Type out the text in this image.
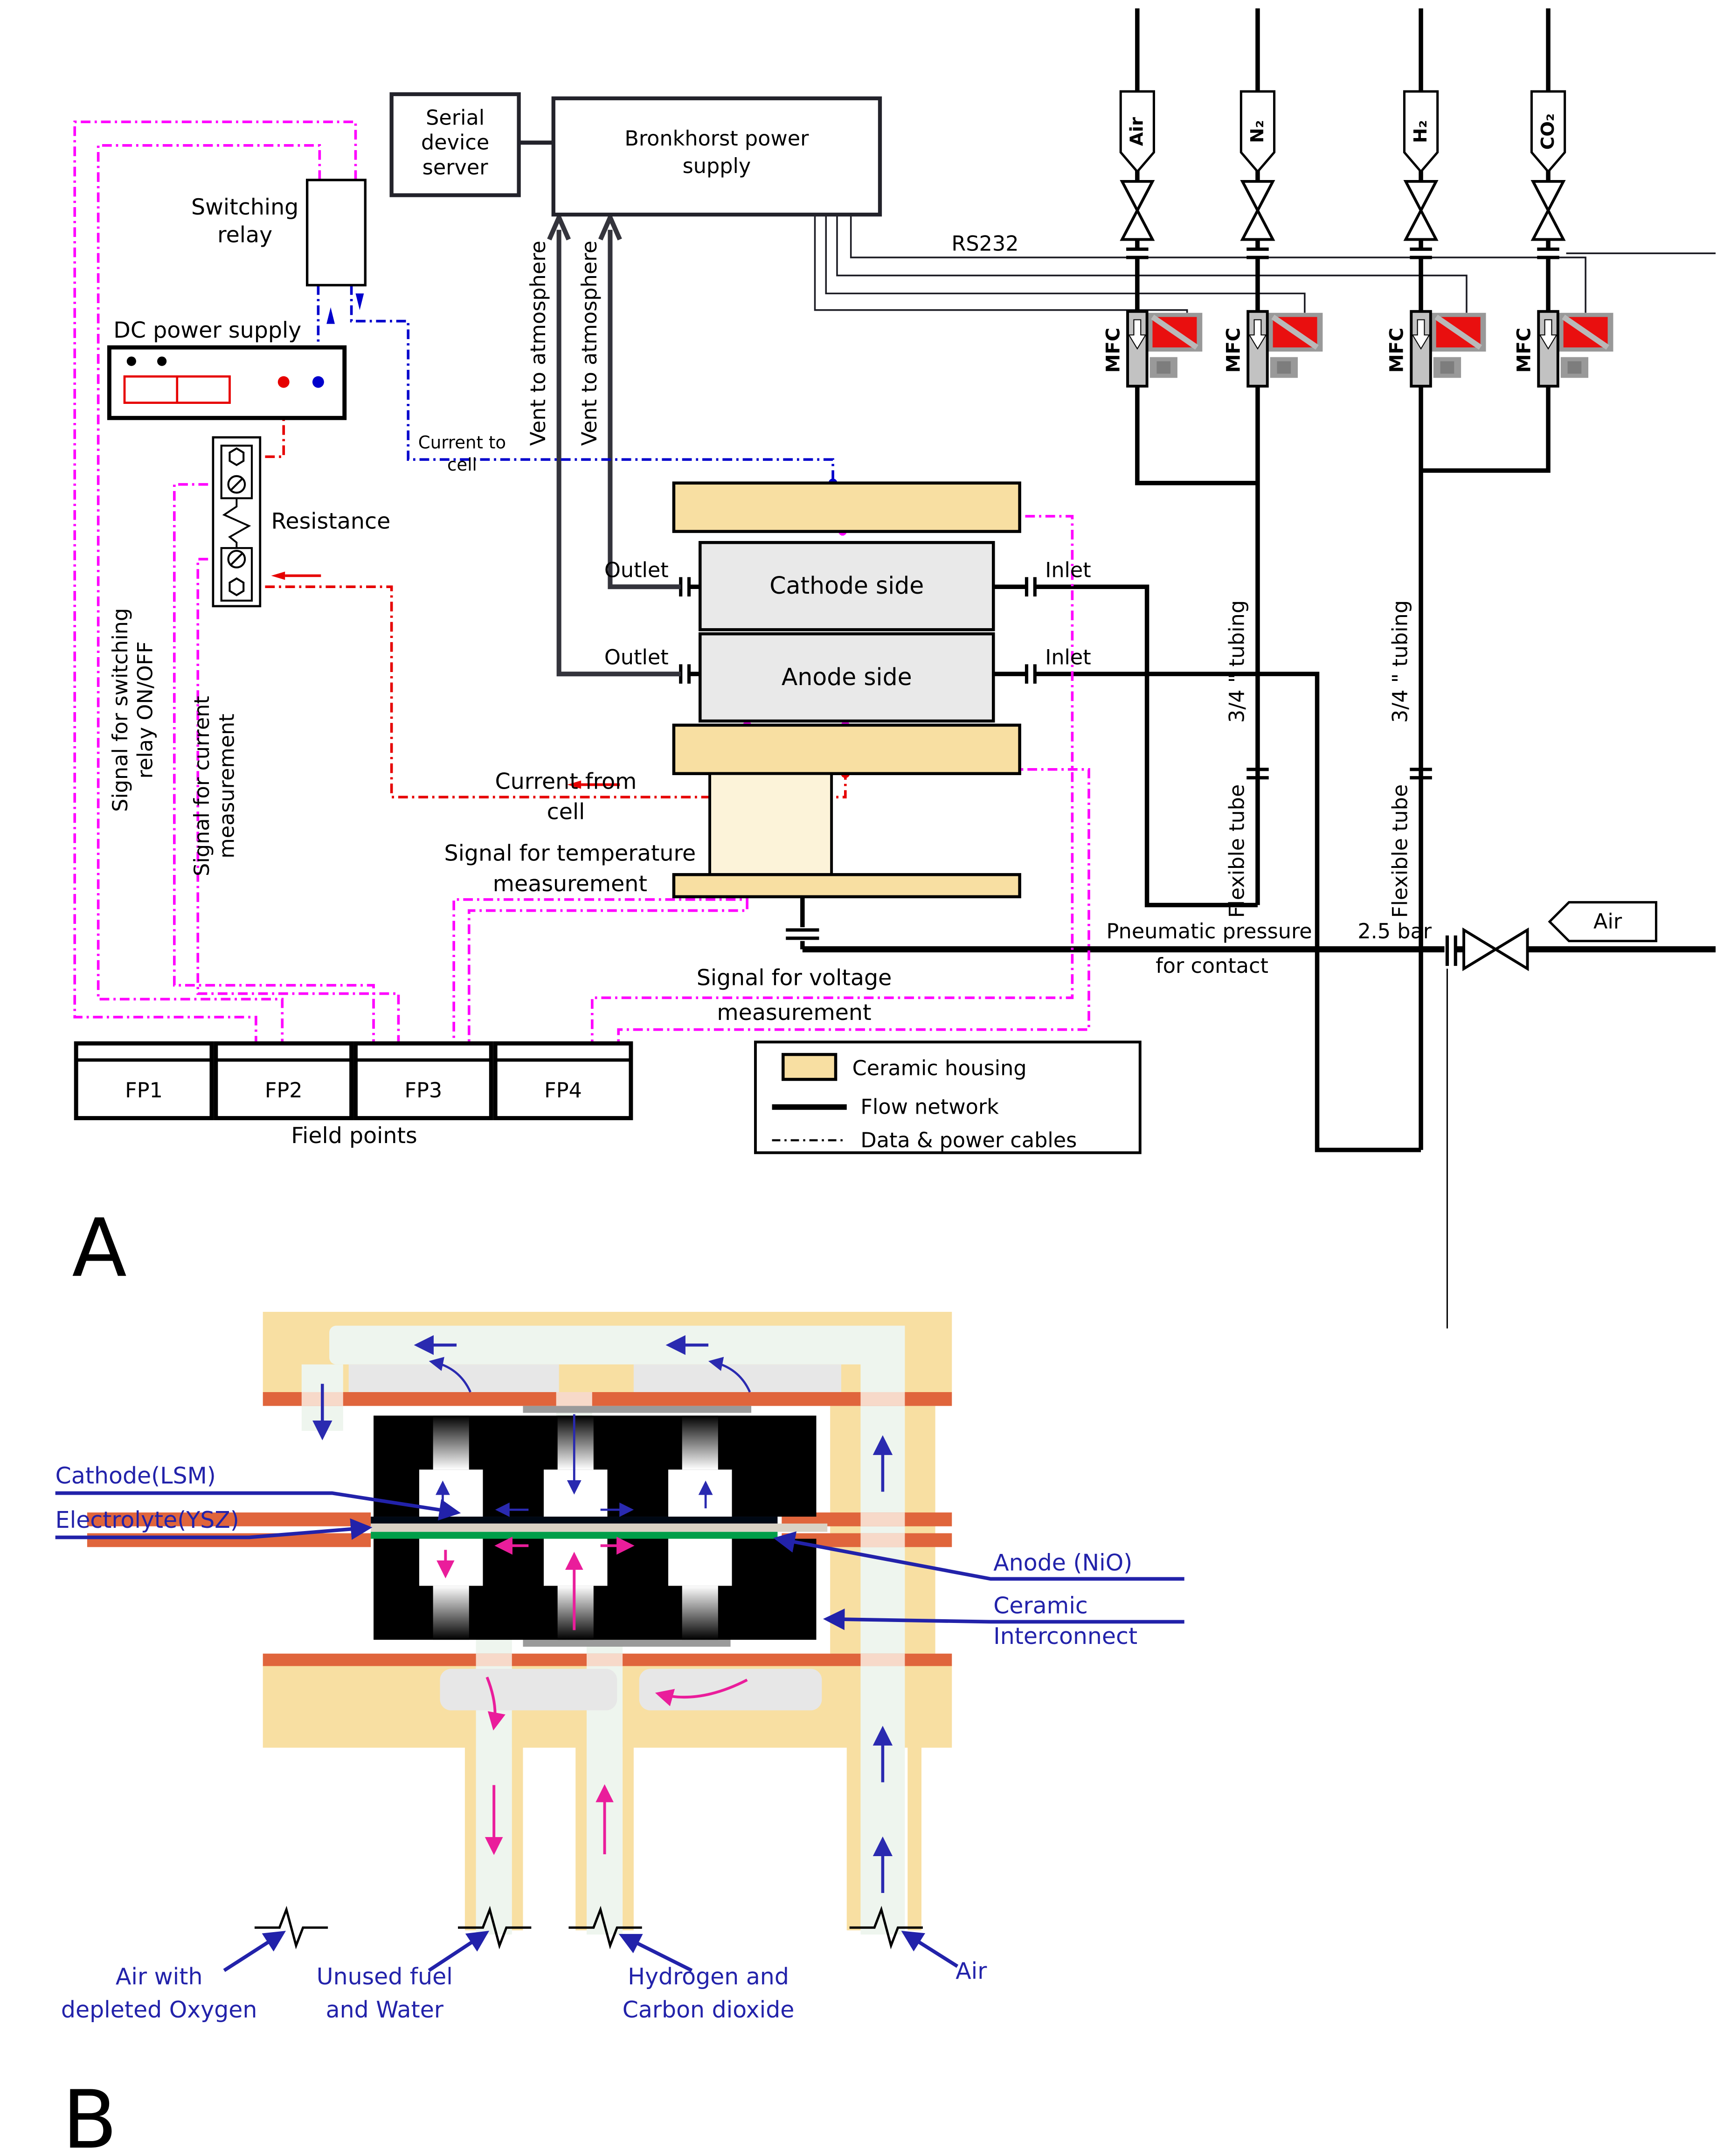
Air
MFC
N₂
MFC
H₂
MFC
CO₂
MFC
FP1	FP2	FP3	FP4
Serial
device
server
Bronkhorst power
supply
Switching
relay
DC power supply
Resistance
RS232
Vent to atmosphere	Vent to atmosphere
Outlet
Outlet
Inlet
Inlet
Cathode side
Anode side	3/4 " tubing
Flexible tube
3/4 " tubing
Flexible tube
Signal for switching relay ON/OFF	Signal for current measurement
Current to
cell
Current from
cell
Signal for temperature
measurement
Signal for voltage
measurement
Pneumatic pressure	2.5 bar
for contact
Air
Ceramic housing
Flow network
Data & power cables
Field points
A
Cathode(LSM)
Electrolyte(YSZ)
Anode (NiO)
Ceramic
Interconnect
Air with
depleted Oxygen
Unused fuel
and Water
Hydrogen and
Carbon dioxide
Air
B
